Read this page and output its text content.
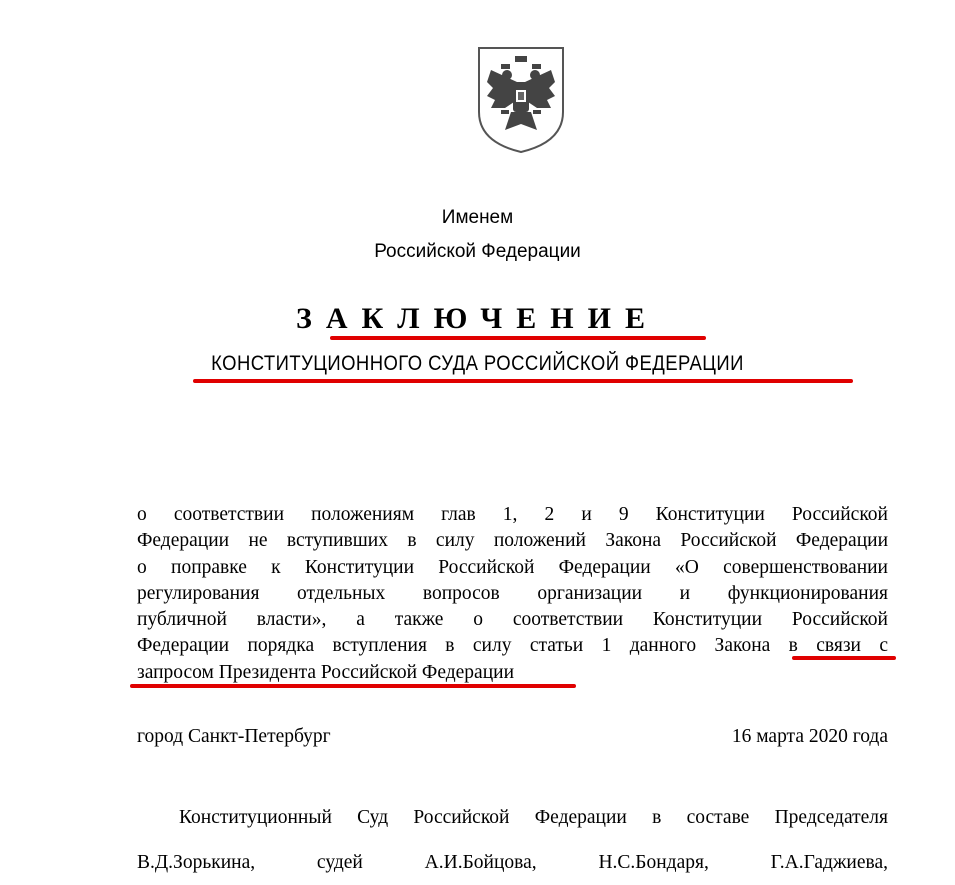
Именем
Российской Федерации
ЗАКЛЮЧЕНИЕ
КОНСТИТУЦИОННОГО СУДА РОССИЙСКОЙ ФЕДЕРАЦИИ
о соответствии положениям глав 1, 2 и 9 Конституции Российской
Федерации не вступивших в силу положений Закона Российской Федерации
о поправке к Конституции Российской Федерации «О совершенствовании
регулирования отдельных вопросов организации и функционирования
публичной власти», а также о соответствии Конституции Российской
Федерации порядка вступления в силу статьи 1 данного Закона в связи с
запросом Президента Российской Федерации
город Санкт-Петербург	16 марта 2020 года
Конституционный Суд Российской Федерации в составе Председателя
В.Д.Зорькина, судей А.И.Бойцова, Н.С.Бондаря, Г.А.Гаджиева,
